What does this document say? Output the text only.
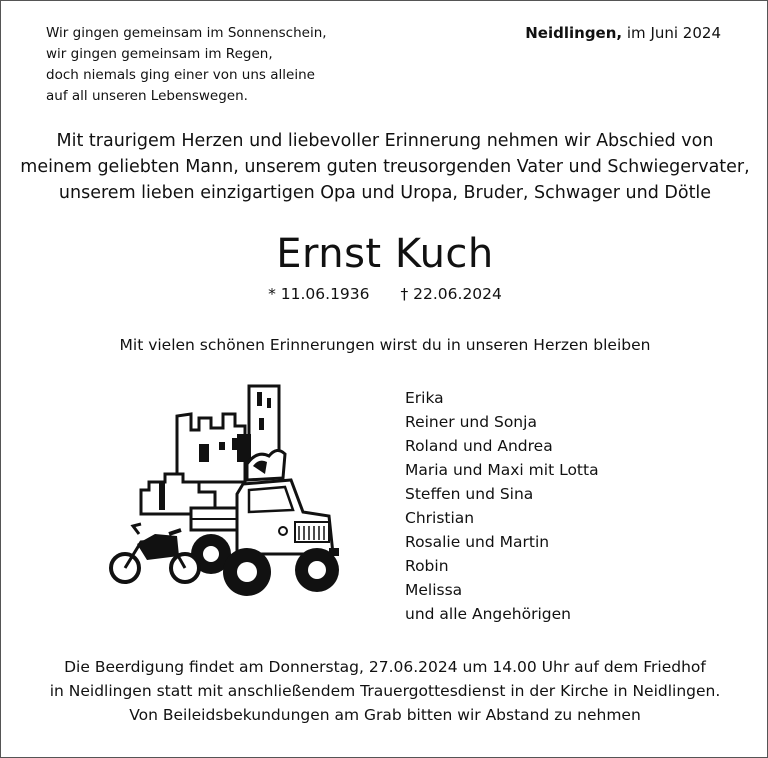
Wir gingen gemeinsam im Sonnenschein,
wir gingen gemeinsam im Regen,
doch niemals ging einer von uns alleine
auf all unseren Lebenswegen.
Neidlingen, im Juni 2024
Mit traurigem Herzen und liebevoller Erinnerung nehmen wir Abschied von
meinem geliebten Mann, unserem guten treusorgenden Vater und Schwiegervater,
unserem lieben einzigartigen Opa und Uropa, Bruder, Schwager und Dötle
Ernst Kuch
* 11.06.1936 † 22.06.2024
Mit vielen schönen Erinnerungen wirst du in unseren Herzen bleiben
Erika
Reiner und Sonja
Roland und Andrea
Maria und Maxi mit Lotta
Steffen und Sina
Christian
Rosalie und Martin
Robin
Melissa
und alle Angehörigen
Die Beerdigung findet am Donnerstag, 27.06.2024 um 14.00 Uhr auf dem Friedhof
in Neidlingen statt mit anschließendem Trauergottesdienst in der Kirche in Neidlingen.
Von Beileidsbekundungen am Grab bitten wir Abstand zu nehmen
